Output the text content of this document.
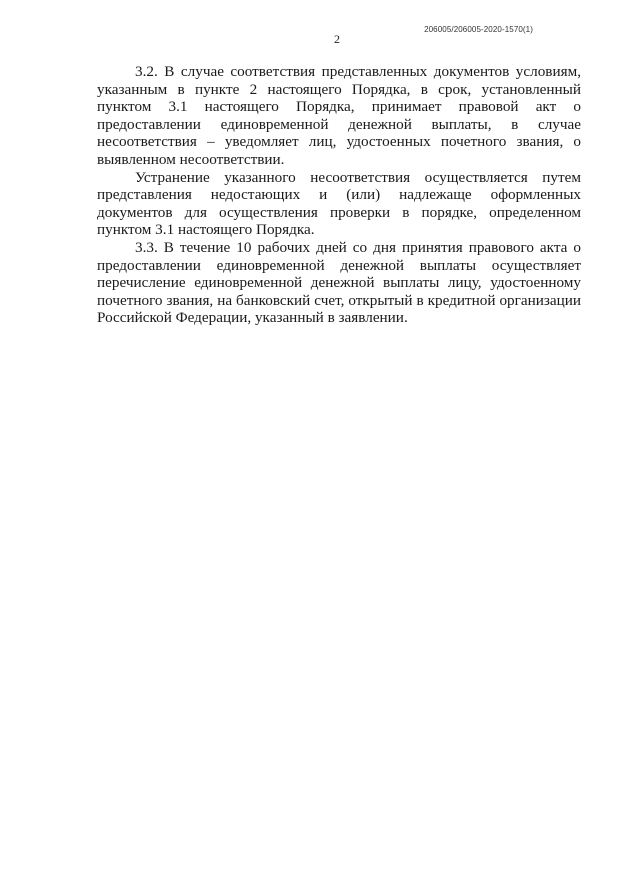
206005/206005-2020-1570(1)
2

3.2. В случае соответствия представленных документов условиям, указанным в пункте 2 настоящего Порядка, в срок, установленный пунктом 3.1 настоящего Порядка, принимает правовой акт о предоставлении единовременной денежной выплаты, в случае несоответствия – уведомляет лиц, удостоенных почетного звания, о выявленном несоответствии.

Устранение указанного несоответствия осуществляется путем представления недостающих и (или) надлежаще оформленных документов для осуществления проверки в порядке, определенном пунктом 3.1 настоящего Порядка.

3.3. В течение 10 рабочих дней со дня принятия правового акта о предоставлении единовременной денежной выплаты осуществляет перечисление единовременной денежной выплаты лицу, удостоенному почетного звания, на банковский счет, открытый в кредитной организации Российской Федерации, указанный в заявлении.
